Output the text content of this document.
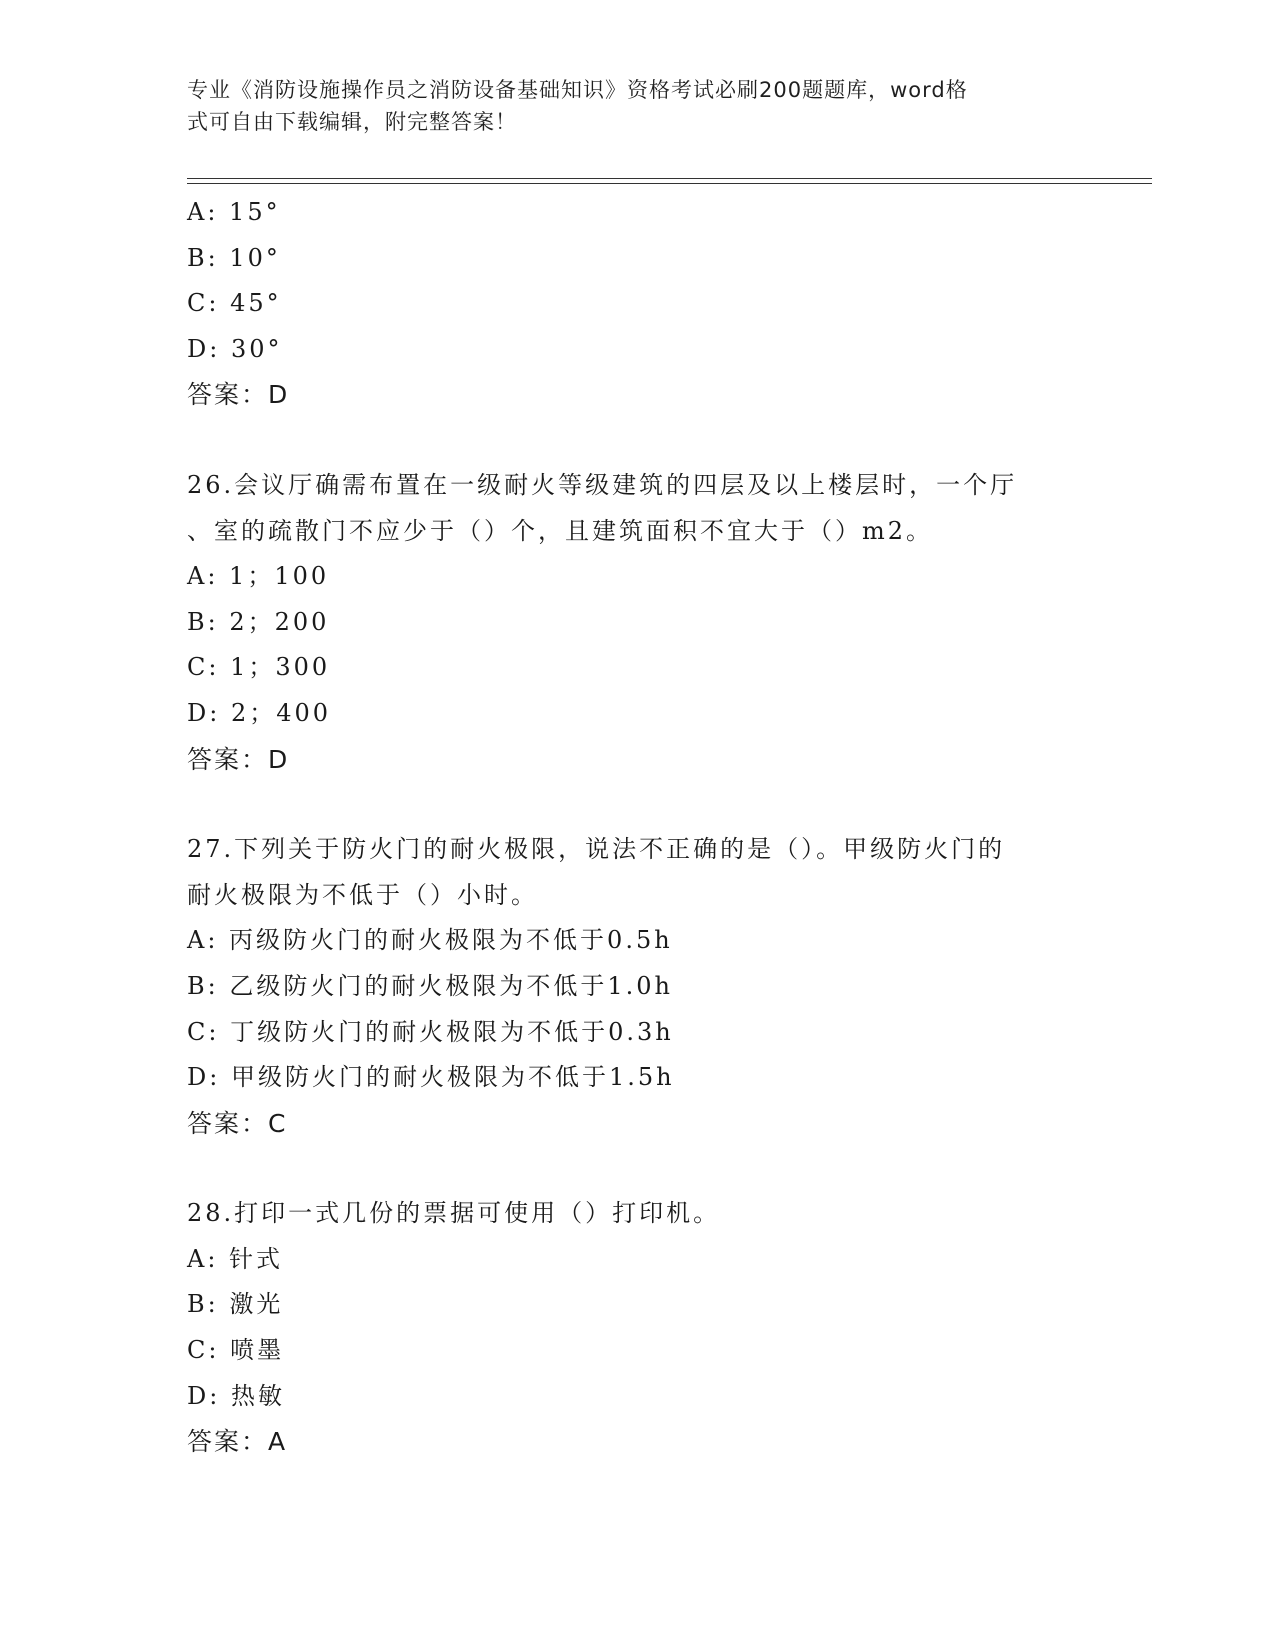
专业《消防设施操作员之消防设备基础知识》资格考试必刷200题题库，word格
式可自由下载编辑，附完整答案！
A: 15°
B: 10°
C: 45°
D: 30°
答案：D
26.会议厅确需布置在一级耐火等级建筑的四层及以上楼层时，一个厅
、室的疏散门不应少于（）个，且建筑面积不宜大于（）m2。
A: 1；100
B: 2；200
C: 1；300
D: 2；400
答案：D
27.下列关于防火门的耐火极限，说法不正确的是（）。甲级防火门的
耐火极限为不低于（）小时。
A: 丙级防火门的耐火极限为不低于0.5h
B: 乙级防火门的耐火极限为不低于1.0h
C: 丁级防火门的耐火极限为不低于0.3h
D: 甲级防火门的耐火极限为不低于1.5h
答案：C
28.打印一式几份的票据可使用（）打印机。
A: 针式
B: 激光
C: 喷墨
D: 热敏
答案：A
